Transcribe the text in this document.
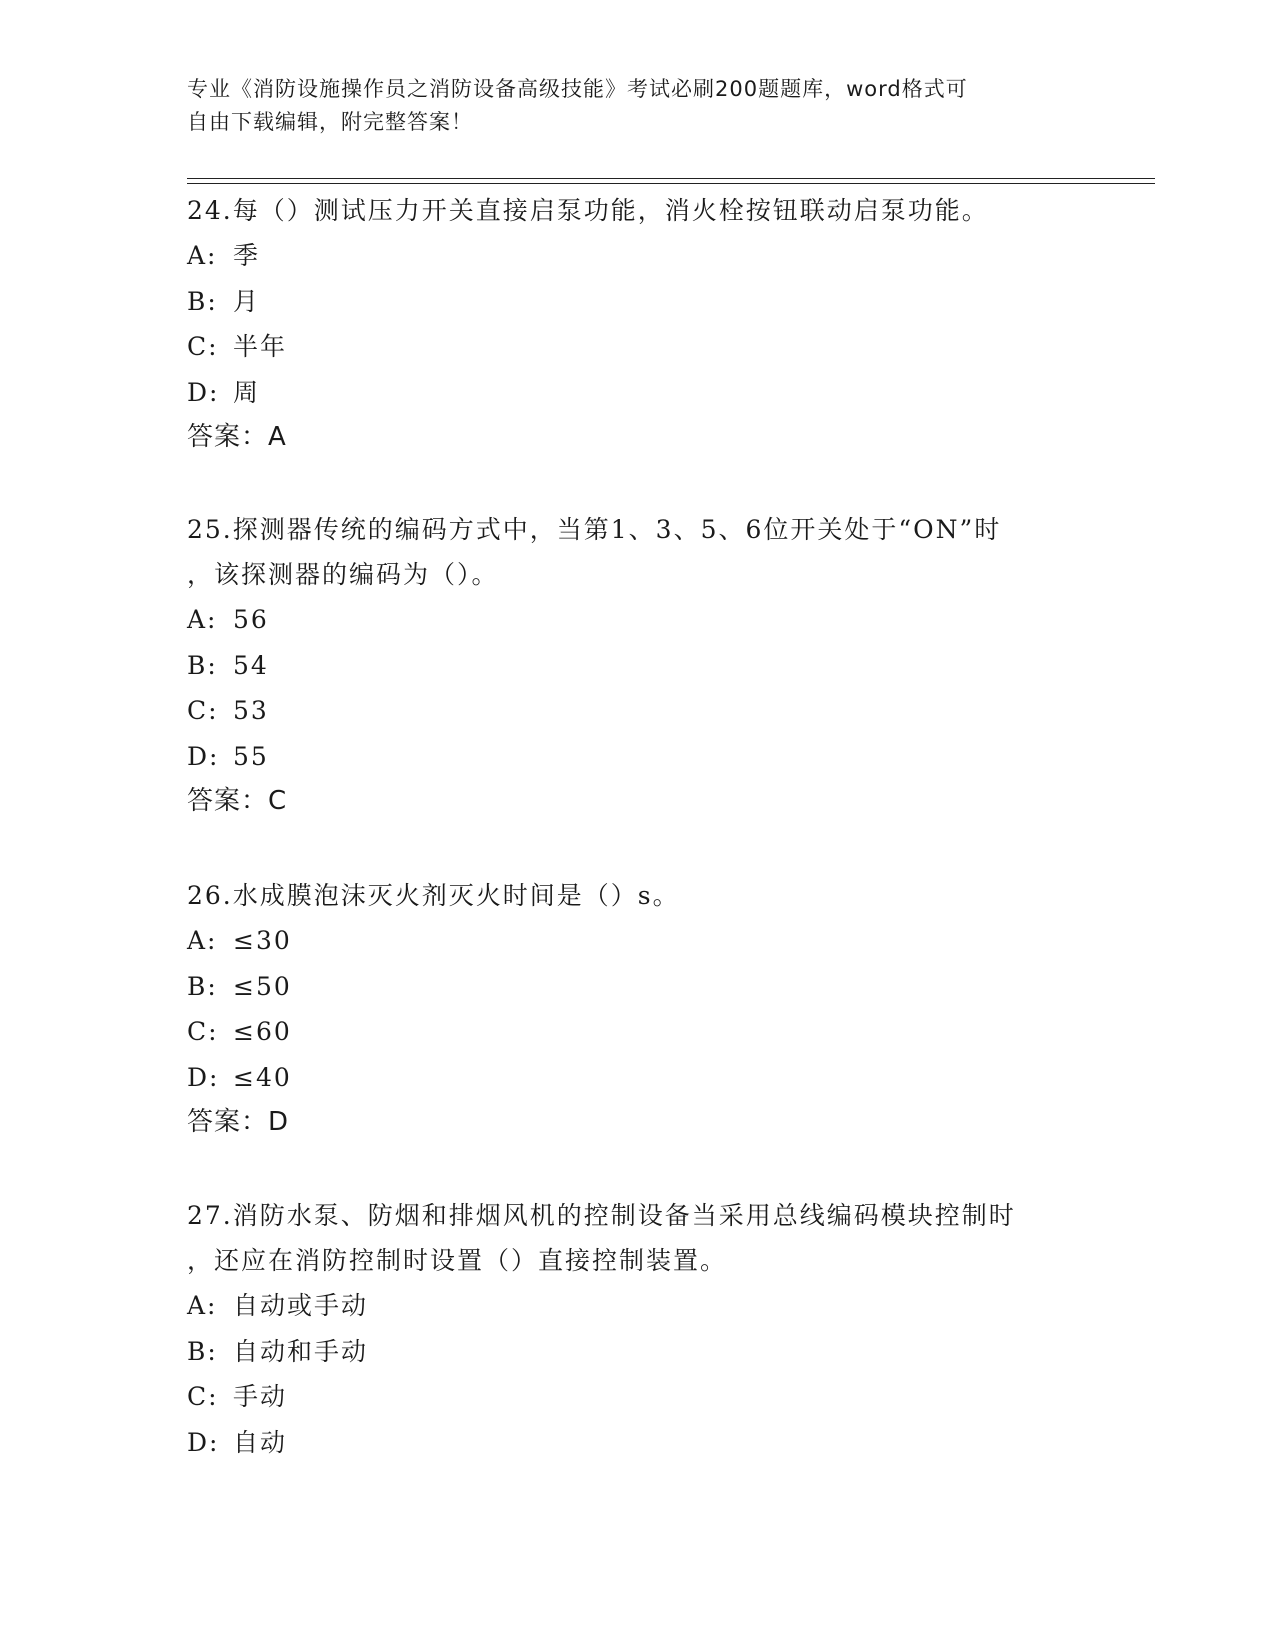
专业《消防设施操作员之消防设备高级技能》考试必刷200题题库，word格式可
自由下载编辑，附完整答案！
24.每（）测试压力开关直接启泵功能，消火栓按钮联动启泵功能。
A: 季
B: 月
C: 半年
D: 周
答案：A
25.探测器传统的编码方式中，当第1、3、5、6位开关处于“ON”时
，该探测器的编码为（）。
A: 56
B: 54
C: 53
D: 55
答案：C
26.水成膜泡沫灭火剂灭火时间是（）s。
A: ≤30
B: ≤50
C: ≤60
D: ≤40
答案：D
27.消防水泵、防烟和排烟风机的控制设备当采用总线编码模块控制时
，还应在消防控制时设置（）直接控制装置。
A: 自动或手动
B: 自动和手动
C: 手动
D: 自动
